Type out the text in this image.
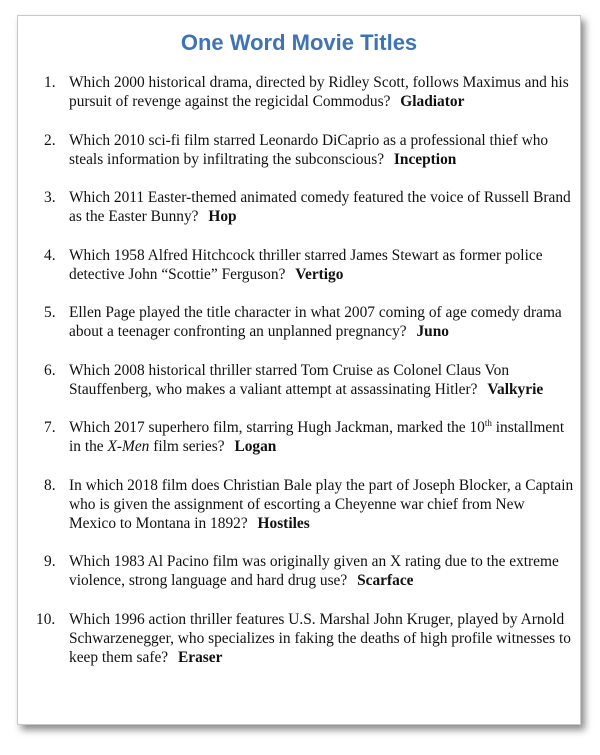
One Word Movie Titles
1. Which 2000 historical drama, directed by Ridley Scott, follows Maximus and his pursuit of revenge against the regicidal Commodus? Gladiator
2. Which 2010 sci-fi film starred Leonardo DiCaprio as a professional thief who steals information by infiltrating the subconscious? Inception
3. Which 2011 Easter-themed animated comedy featured the voice of Russell Brand as the Easter Bunny? Hop
4. Which 1958 Alfred Hitchcock thriller starred James Stewart as former police detective John “Scottie” Ferguson? Vertigo
5. Ellen Page played the title character in what 2007 coming of age comedy drama about a teenager confronting an unplanned pregnancy? Juno
6. Which 2008 historical thriller starred Tom Cruise as Colonel Claus Von Stauffenberg, who makes a valiant attempt at assassinating Hitler? Valkyrie
7. Which 2017 superhero film, starring Hugh Jackman, marked the 10th installment in the X-Men film series? Logan
8. In which 2018 film does Christian Bale play the part of Joseph Blocker, a Captain who is given the assignment of escorting a Cheyenne war chief from New Mexico to Montana in 1892? Hostiles
9. Which 1983 Al Pacino film was originally given an X rating due to the extreme violence, strong language and hard drug use? Scarface
10. Which 1996 action thriller features U.S. Marshal John Kruger, played by Arnold Schwarzenegger, who specializes in faking the deaths of high profile witnesses to keep them safe? Eraser
